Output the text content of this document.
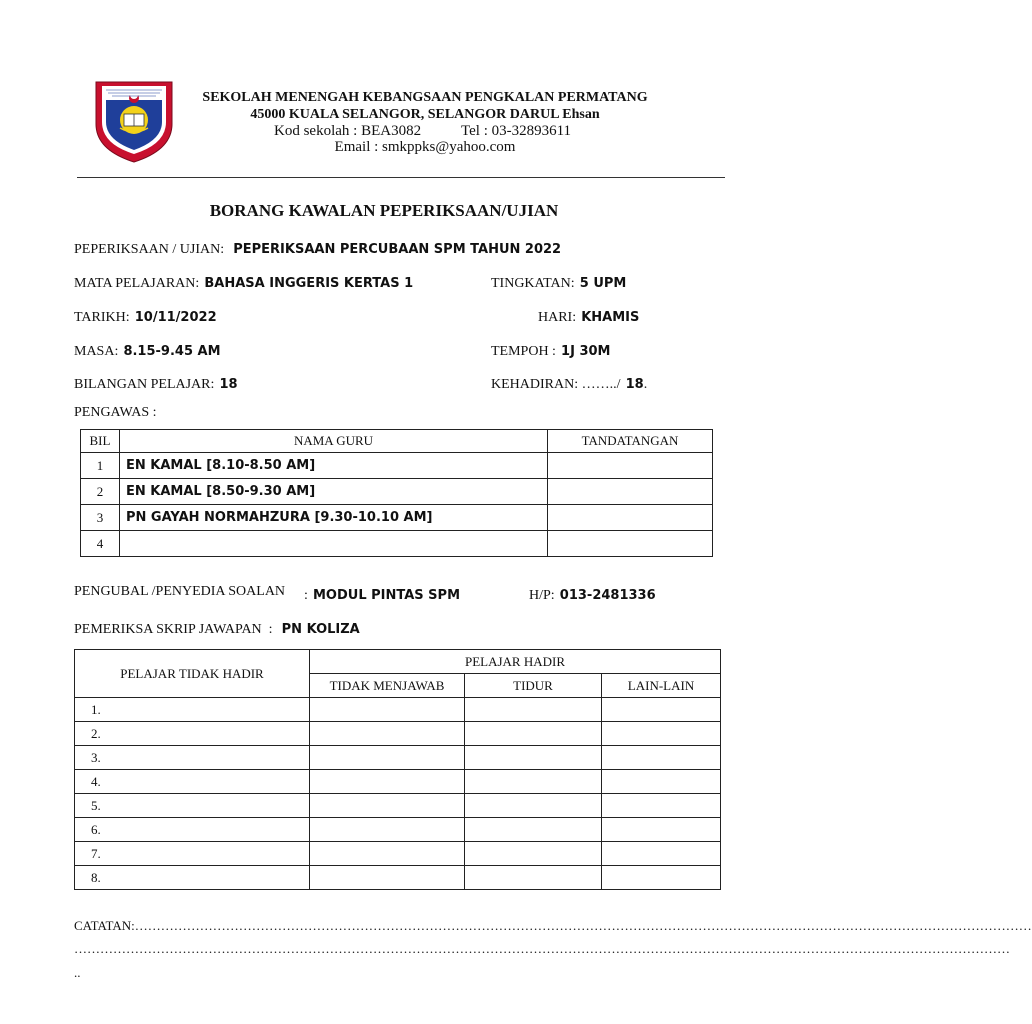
SEKOLAH MENENGAH KEBANGSAAN PENGKALAN PERMATANG
45000 KUALA SELANGOR, SELANGOR DARUL Ehsan
Kod sekolah : BEA3082	Tel : 03-32893611
Email : smkppks@yahoo.com
BORANG KAWALAN PEPERIKSAAN/UJIAN
PEPERIKSAAN / UJIAN: PEPERIKSAAN PERCUBAAN SPM TAHUN 2022
MATA PELAJARAN: BAHASA INGGERIS KERTAS 1	TINGKATAN: 5 UPM
TARIKH: 10/11/2022	HARI: KHAMIS
MASA: 8.15-9.45 AM	TEMPOH : 1J 30M
BILANGAN PELAJAR: 18	KEHADIRAN: ……../ 18.
PENGAWAS :
BIL	NAMA GURU	TANDATANGAN
1	EN KAMAL [8.10-8.50 AM]	
2	EN KAMAL [8.50-9.30 AM]	
3	PN GAYAH NORMAHZURA [9.30-10.10 AM]	
4		
PENGUBAL /PENYEDIA SOALAN : MODUL PINTAS SPM	H/P: 013-2481336
PEMERIKSA SKRIP JAWAPAN  : PN KOLIZA
PELAJAR TIDAK HADIR	PELAJAR HADIR		
	TIDAK MENJAWAB	TIDUR	LAIN-LAIN
1.			
2.			
3.			
4.			
5.			
6.			
7.			
8.			
CATATAN:………………………………………………………………………………………………………………………………………………………………………………………
………………………………………………………………………………………………………………………………………………………………………………………………
..
